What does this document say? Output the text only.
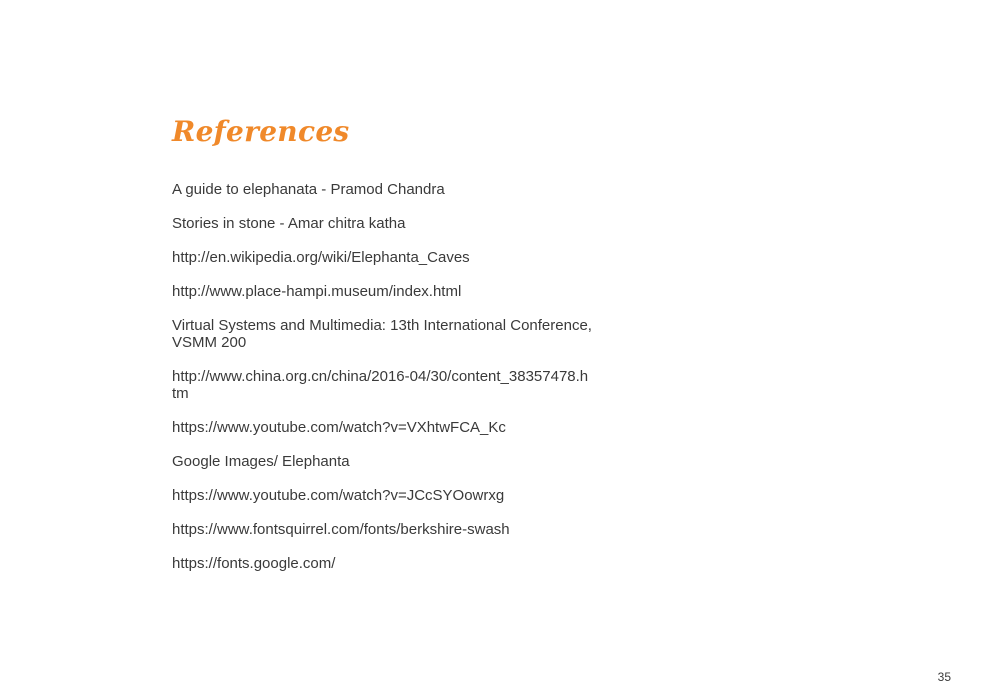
References
A guide to elephanata - Pramod Chandra
Stories in stone - Amar chitra katha
http://en.wikipedia.org/wiki/Elephanta_Caves
http://www.place-hampi.museum/index.html
Virtual Systems and Multimedia: 13th International Conference, VSMM 200
http://www.china.org.cn/china/2016-04/30/content_38357478.htm
https://www.youtube.com/watch?v=VXhtwFCA_Kc
Google Images/ Elephanta
https://www.youtube.com/watch?v=JCcSYOowrxg
https://www.fontsquirrel.com/fonts/berkshire-swash
https://fonts.google.com/
35
